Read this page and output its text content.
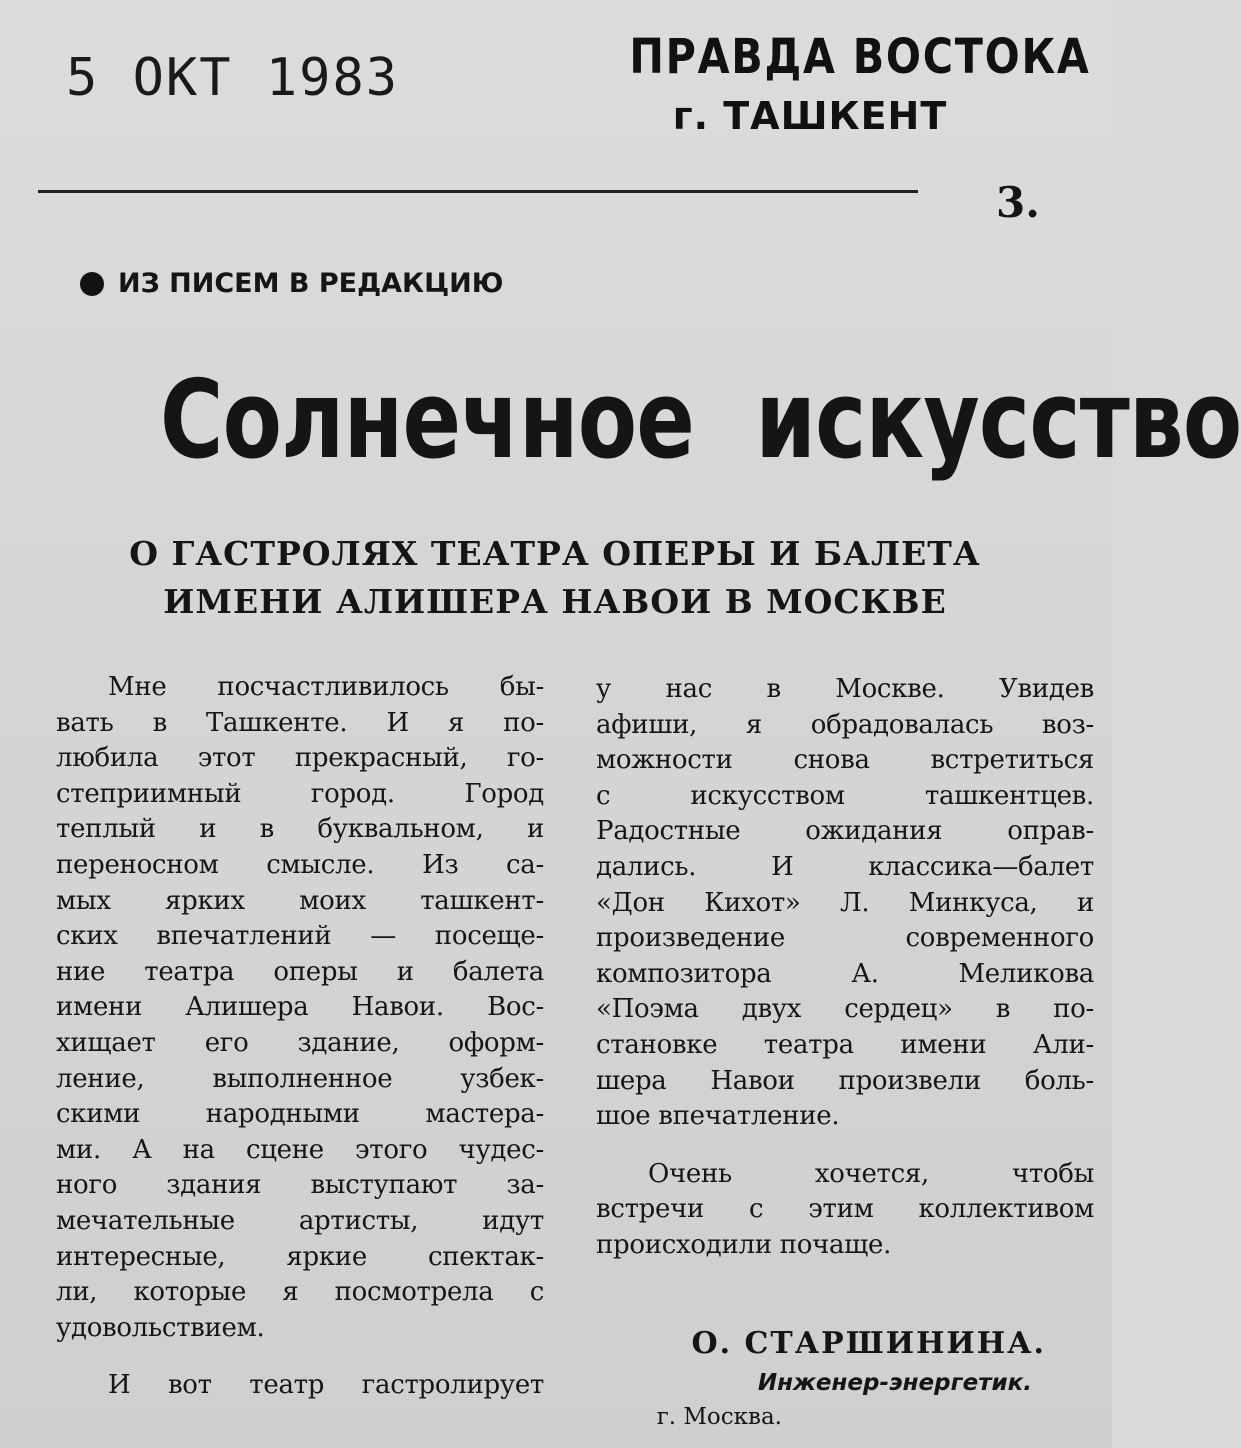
5 ОКТ 1983	ПРАВДА ВОСТОКА
г. ТАШКЕНТ
3.
ИЗ ПИСЕМ В РЕДАКЦИЮ
Солнечное искусство
О ГАСТРОЛЯХ ТЕАТРА ОПЕРЫ И БАЛЕТА
ИМЕНИ АЛИШЕРА НАВОИ В МОСКВЕ
Мне посчастливилось бы-
вать в Ташкенте. И я по-
любила этот прекрасный, го-
степриимный город. Город
теплый и в буквальном, и
переносном смысле. Из са-
мых ярких моих ташкент-
ских впечатлений — посеще-
ние театра оперы и балета
имени Алишера Навои. Вос-
хищает его здание, оформ-
ление, выполненное узбек-
скими народными мастера-
ми. А на сцене этого чудес-
ного здания выступают за-
мечательные артисты, идут
интересные, яркие спектак-
ли, которые я посмотрела с
удовольствием.
И вот театр гастролирует
у нас в Москве. Увидев
афиши, я обрадовалась воз-
можности снова встретиться
с искусством ташкентцев.
Радостные ожидания оправ-
дались. И классика—балет
«Дон Кихот» Л. Минкуса, и
произведение современного
композитора А. Меликова
«Поэма двух сердец» в по-
становке театра имени Али-
шера Навои произвели боль-
шое впечатление.
Очень хочется, чтобы
встречи с этим коллективом
происходили почаще.
О. СТАРШИНИНА.
Инженер-энергетик.
г. Москва.
